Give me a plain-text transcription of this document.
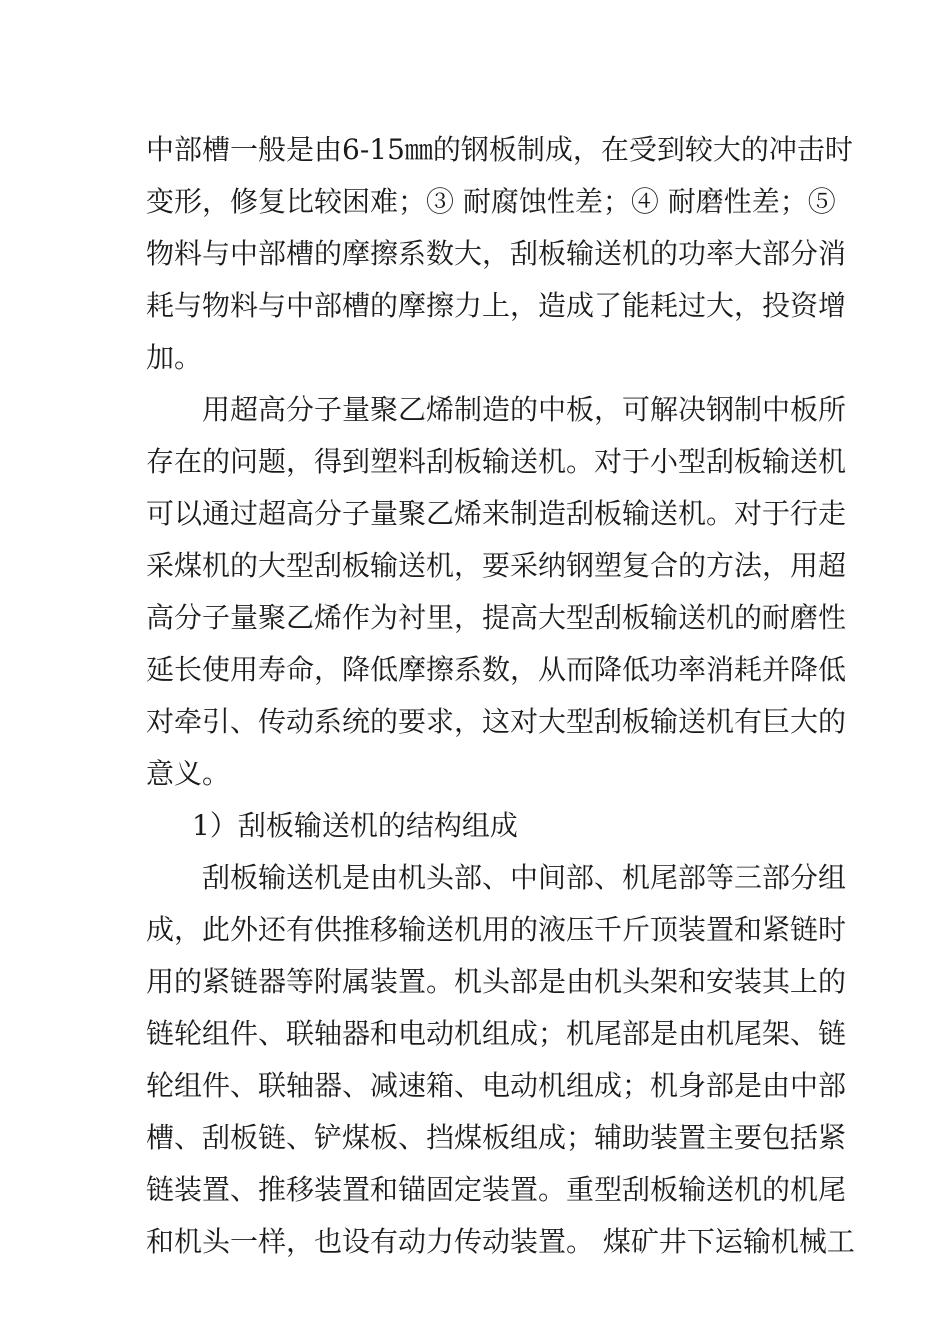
中部槽一般是由6-15㎜的钢板制成，在受到较大的冲击时
变形，修复比较困难；③ 耐腐蚀性差；④ 耐磨性差；⑤
物料与中部槽的摩擦系数大，刮板输送机的功率大部分消
耗与物料与中部槽的摩擦力上，造成了能耗过大，投资增
加。
用超高分子量聚乙烯制造的中板，可解决钢制中板所
存在的问题，得到塑料刮板输送机。对于小型刮板输送机
可以通过超高分子量聚乙烯来制造刮板输送机。对于行走
采煤机的大型刮板输送机，要采纳钢塑复合的方法，用超
高分子量聚乙烯作为衬里，提高大型刮板输送机的耐磨性
延长使用寿命，降低摩擦系数，从而降低功率消耗并降低
对牵引、传动系统的要求，这对大型刮板输送机有巨大的
意义。
1）刮板输送机的结构组成
刮板输送机是由机头部、中间部、机尾部等三部分组
成，此外还有供推移输送机用的液压千斤顶装置和紧链时
用的紧链器等附属装置。机头部是由机头架和安装其上的
链轮组件、联轴器和电动机组成；机尾部是由机尾架、链
轮组件、联轴器、减速箱、电动机组成；机身部是由中部
槽、刮板链、铲煤板、挡煤板组成；辅助装置主要包括紧
链装置、推移装置和锚固定装置。重型刮板输送机的机尾
和机头一样，也设有动力传动装置。 煤矿井下运输机械工
